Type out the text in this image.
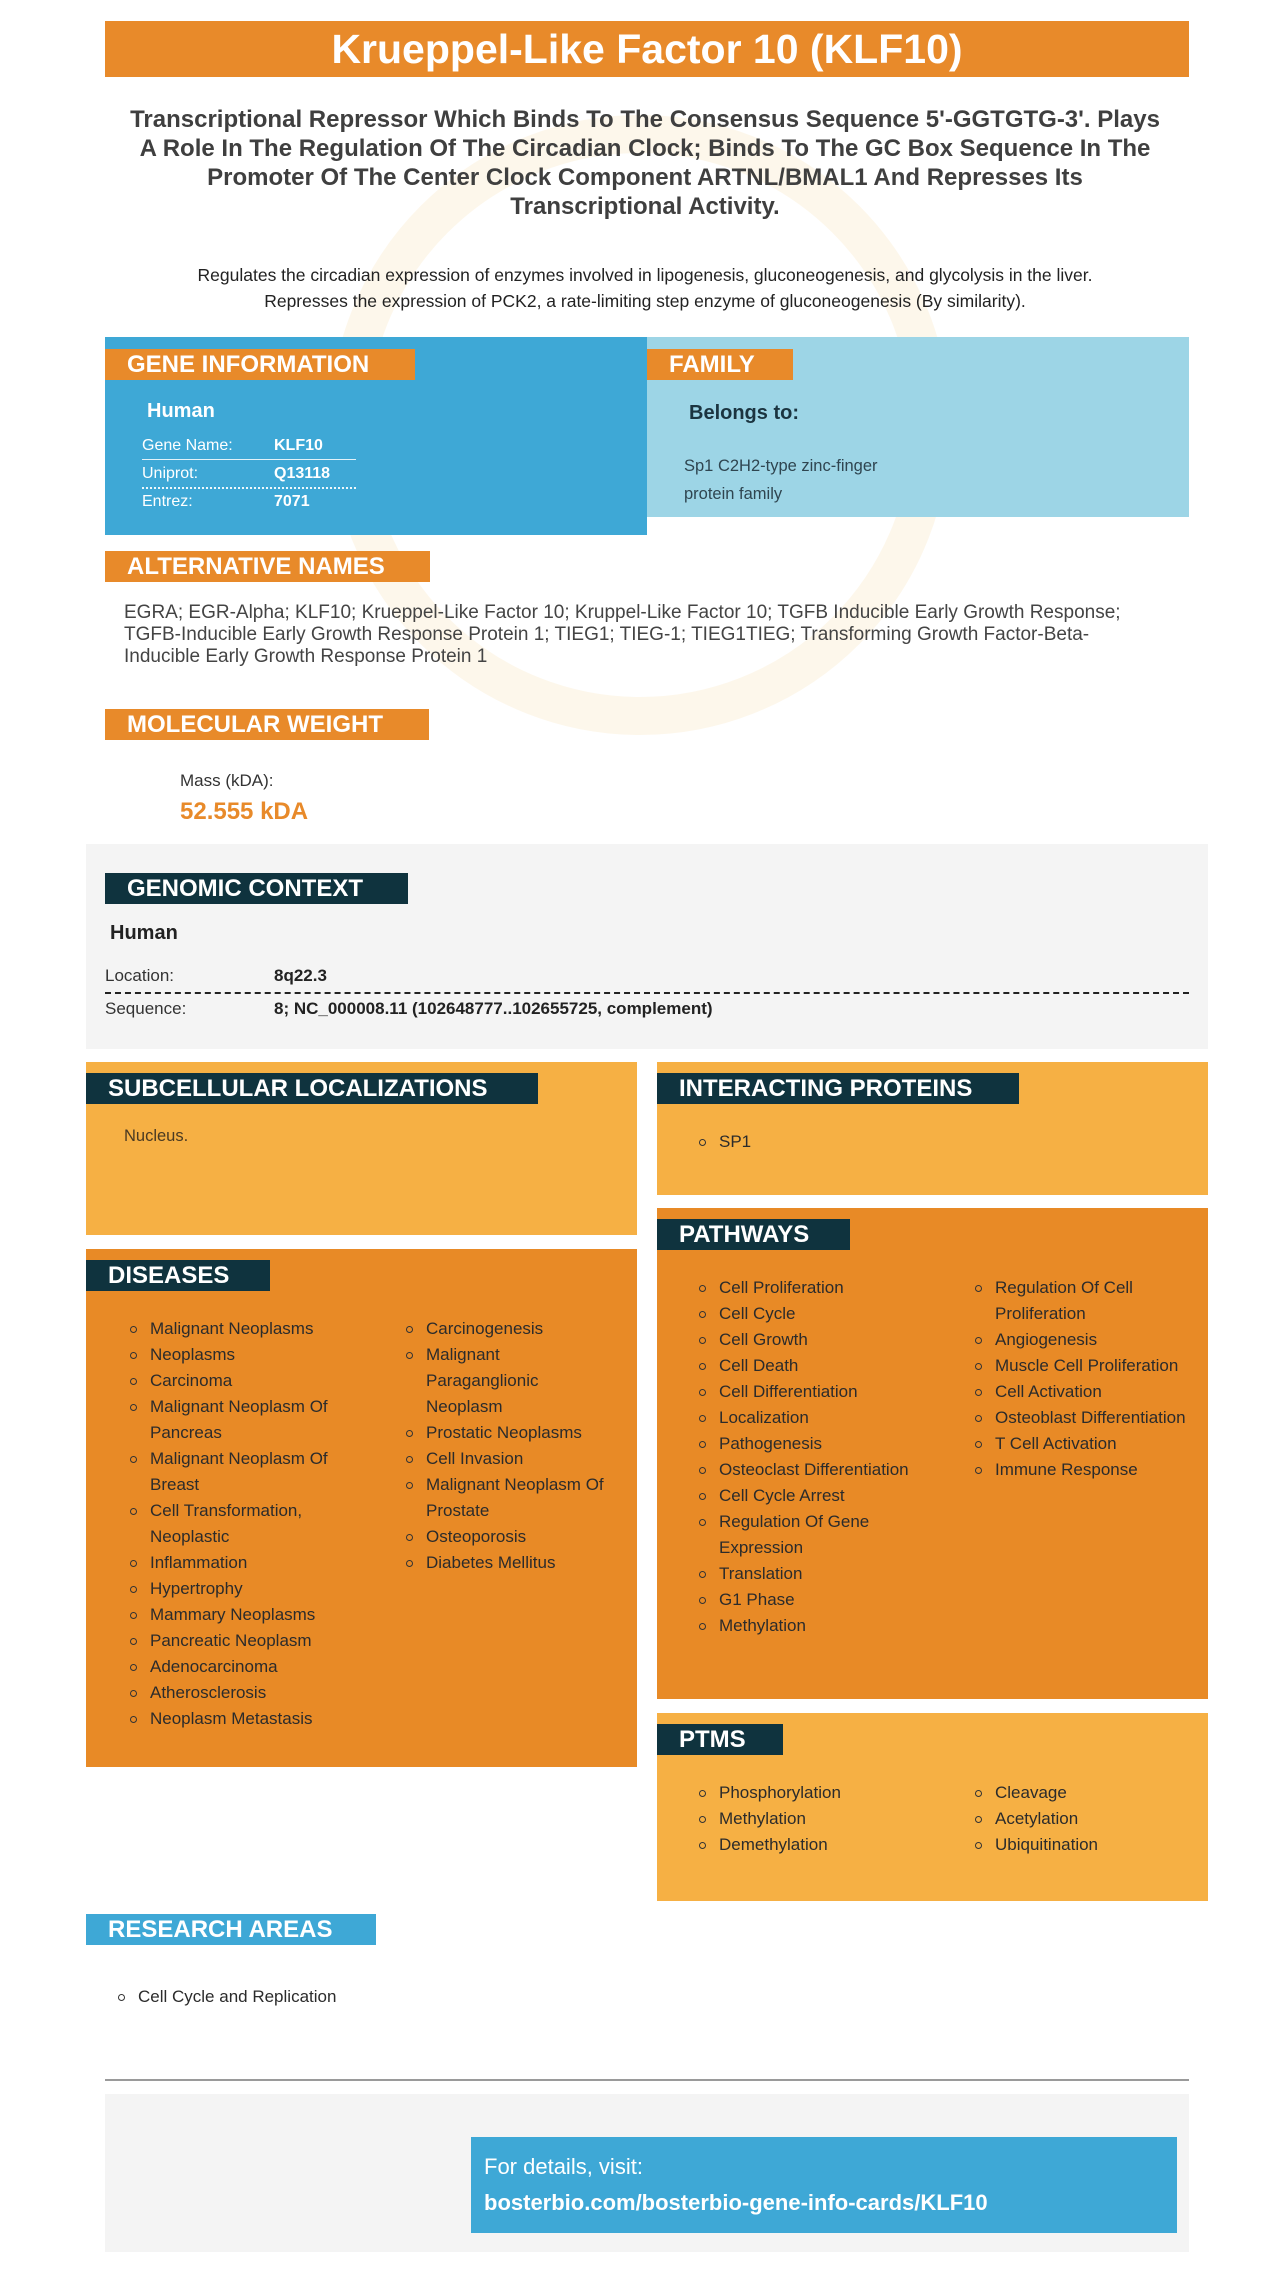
Krueppel-Like Factor 10 (KLF10)
Transcriptional Repressor Which Binds To The Consensus Sequence 5'-GGTGTG-3'. Plays A Role In The Regulation Of The Circadian Clock; Binds To The GC Box Sequence In The Promoter Of The Center Clock Component ARTNL/BMAL1 And Represses Its Transcriptional Activity.
Regulates the circadian expression of enzymes involved in lipogenesis, gluconeogenesis, and glycolysis in the liver.
Represses the expression of PCK2, a rate-limiting step enzyme of gluconeogenesis (By similarity).
GENE INFORMATION
Human
Gene Name:	KLF10
Uniprot:	Q13118
Entrez:	7071
FAMILY
Belongs to:
Sp1 C2H2-type zinc-finger
protein family
ALTERNATIVE NAMES
EGRA; EGR-Alpha; KLF10; Krueppel-Like Factor 10; Kruppel-Like Factor 10; TGFB Inducible Early Growth Response; TGFB-Inducible Early Growth Response Protein 1; TIEG1; TIEG-1; TIEG1TIEG; Transforming Growth Factor-Beta-Inducible Early Growth Response Protein 1
MOLECULAR WEIGHT
Mass (kDA):
52.555 kDA
GENOMIC CONTEXT
Human
Location:	8q22.3
Sequence:	8; NC_000008.11 (102648777..102655725, complement)
SUBCELLULAR LOCALIZATIONS
Nucleus.
INTERACTING PROTEINS
SP1
DISEASES
Malignant Neoplasms
Neoplasms
Carcinoma
Malignant Neoplasm Of Pancreas
Malignant Neoplasm Of Breast
Cell Transformation, Neoplastic
Inflammation
Hypertrophy
Mammary Neoplasms
Pancreatic Neoplasm
Adenocarcinoma
Atherosclerosis
Neoplasm Metastasis
Carcinogenesis
Malignant Paraganglionic Neoplasm
Prostatic Neoplasms
Cell Invasion
Malignant Neoplasm Of Prostate
Osteoporosis
Diabetes Mellitus
PATHWAYS
Cell Proliferation
Cell Cycle
Cell Growth
Cell Death
Cell Differentiation
Localization
Pathogenesis
Osteoclast Differentiation
Cell Cycle Arrest
Regulation Of Gene Expression
Translation
G1 Phase
Methylation
Regulation Of Cell Proliferation
Angiogenesis
Muscle Cell Proliferation
Cell Activation
Osteoblast Differentiation
T Cell Activation
Immune Response
PTMS
Phosphorylation
Methylation
Demethylation
Cleavage
Acetylation
Ubiquitination
RESEARCH AREAS
Cell Cycle and Replication
For details, visit:
bosterbio.com/bosterbio-gene-info-cards/KLF10
